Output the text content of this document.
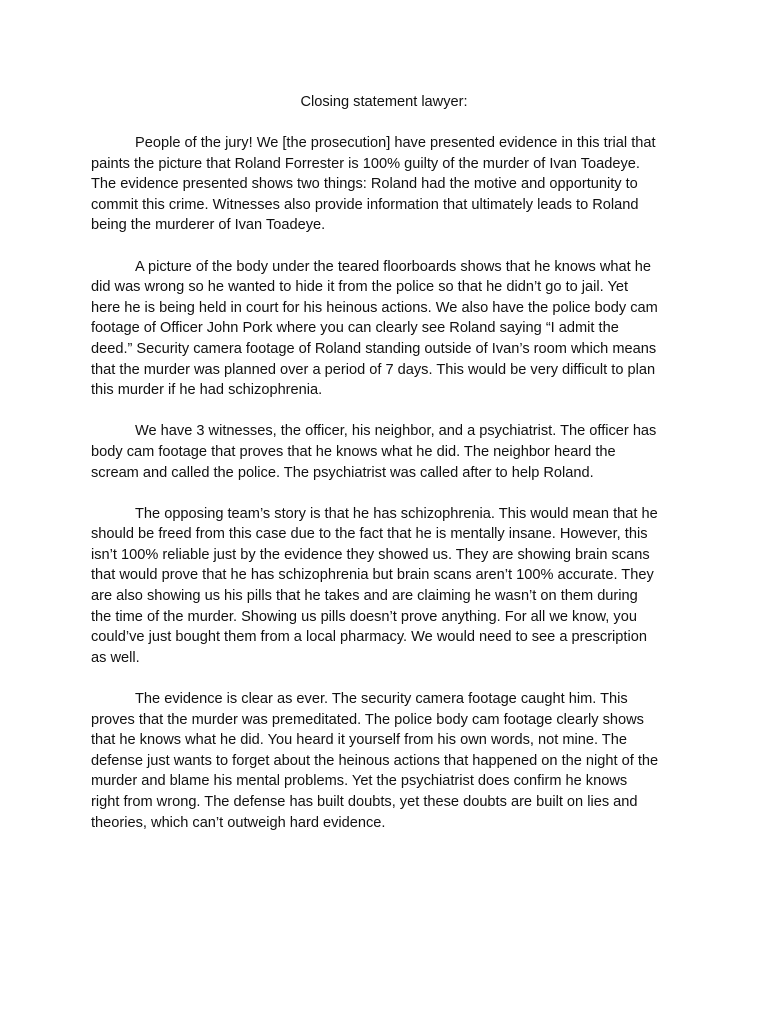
Closing statement lawyer:
People of the jury! We [the prosecution] have presented evidence in this trial that
paints the picture that Roland Forrester is 100% guilty of the murder of Ivan Toadeye.
The evidence presented shows two things: Roland had the motive and opportunity to
commit this crime. Witnesses also provide information that ultimately leads to Roland
being the murderer of Ivan Toadeye.
A picture of the body under the teared floorboards shows that he knows what he
did was wrong so he wanted to hide it from the police so that he didn’t go to jail. Yet
here he is being held in court for his heinous actions. We also have the police body cam
footage of Officer John Pork where you can clearly see Roland saying “I admit the
deed.” Security camera footage of Roland standing outside of Ivan’s room which means
that the murder was planned over a period of 7 days. This would be very difficult to plan
this murder if he had schizophrenia.
We have 3 witnesses, the officer, his neighbor, and a psychiatrist. The officer has
body cam footage that proves that he knows what he did. The neighbor heard the
scream and called the police. The psychiatrist was called after to help Roland.
The opposing team’s story is that he has schizophrenia. This would mean that he
should be freed from this case due to the fact that he is mentally insane. However, this
isn’t 100% reliable just by the evidence they showed us. They are showing brain scans
that would prove that he has schizophrenia but brain scans aren’t 100% accurate. They
are also showing us his pills that he takes and are claiming he wasn’t on them during
the time of the murder. Showing us pills doesn’t prove anything. For all we know, you
could’ve just bought them from a local pharmacy. We would need to see a prescription
as well.
The evidence is clear as ever. The security camera footage caught him. This
proves that the murder was premeditated. The police body cam footage clearly shows
that he knows what he did. You heard it yourself from his own words, not mine. The
defense just wants to forget about the heinous actions that happened on the night of the
murder and blame his mental problems. Yet the psychiatrist does confirm he knows
right from wrong. The defense has built doubts, yet these doubts are built on lies and
theories, which can’t outweigh hard evidence.
